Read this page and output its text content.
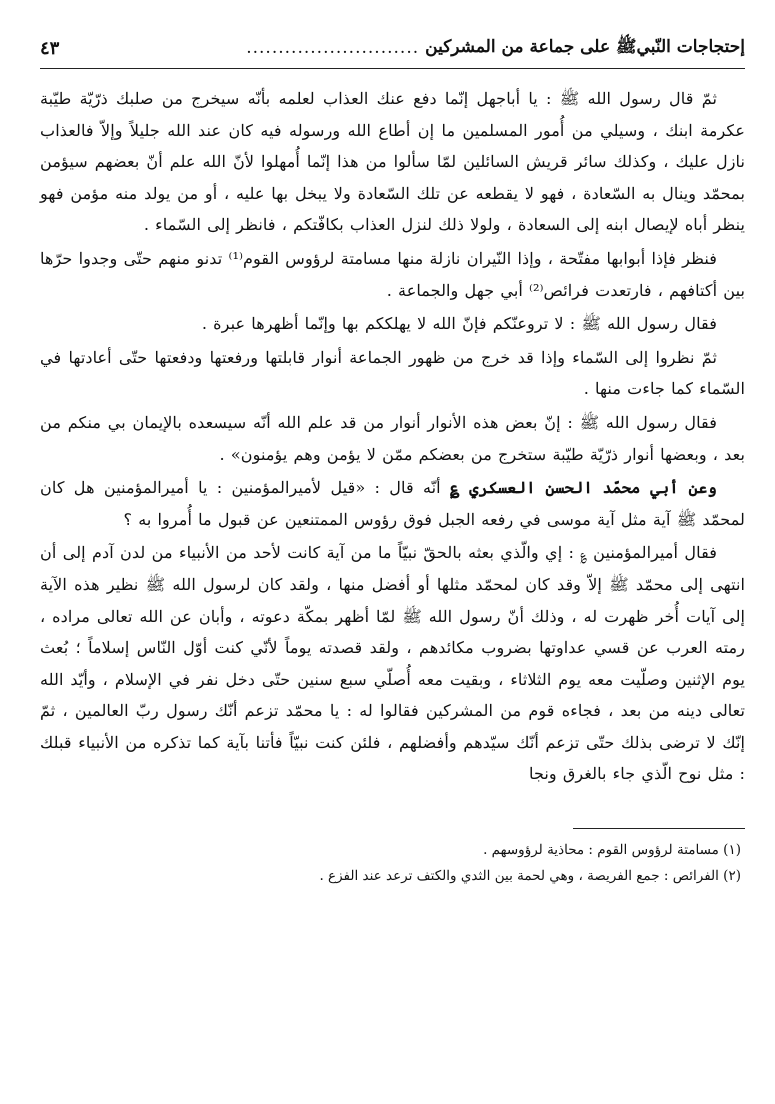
إحتجاجات النّبيﷺ على جماعة من المشركين
...........................
٤٣

ثمّ قال رسول الله ﷺ : يا أباجهل إنّما دفع عنك العذاب لعلمه بأنّه سيخرج من صلبك ذرّيّة طيّبة عكرمة ابنك ، وسيلي من أُمور المسلمين ما إن أطاع الله ورسوله فيه كان عند الله جليلاً وإلاّ فالعذاب نازل عليك ، وكذلك سائر قريش السائلين لمّا سألوا من هذا إنّما أُمهلوا لأنّ الله علم أنّ بعضهم سيؤمن بمحمّد وينال به السّعادة ، فهو لا يقطعه عن تلك السّعادة ولا يبخل بها عليه ، أو من يولد منه مؤمن فهو ينظر أباه لإيصال ابنه إلى السعادة ، ولولا ذلك لنزل العذاب بكافّتكم ، فانظر إلى السّماء .

فنظر فإذا أبوابها مفتّحة ، وإذا النّيران نازلة منها مسامتة لرؤوس القوم⁽¹⁾ تدنو منهم حتّى وجدوا حرّها بين أكتافهم ، فارتعدت فرائص⁽²⁾ أبي جهل والجماعة .

فقال رسول الله ﷺ : لا تروعنّكم فإنّ الله لا يهلككم بها وإنّما أظهرها عبرة .

ثمّ نظروا إلى السّماء وإذا قد خرج من ظهور الجماعة أنوار قابلتها ورفعتها ودفعتها حتّى أعادتها في السّماء كما جاءت منها .

فقال رسول الله ﷺ : إنّ بعض هذه الأنوار أنوار من قد علم الله أنّه سيسعده بالإيمان بي منكم من بعد ، وبعضها أنوار ذرّيّة طيّبة ستخرج من بعضكم ممّن لا يؤمن وهم يؤمنون» .

وعن أبي محمّد الحسن العسكري ؏ أنّه قال : «قيل لأميرالمؤمنين : يا أميرالمؤمنين هل كان لمحمّد ﷺ آية مثل آية موسى في رفعه الجبل فوق رؤوس الممتنعين عن قبول ما أُمروا به ؟

فقال أميرالمؤمنين ؏ : إي والّذي بعثه بالحقّ نبيّاً ما من آية كانت لأحد من الأنبياء من لدن آدم إلى أن انتهى إلى محمّد ﷺ إلاّ وقد كان لمحمّد مثلها أو أفضل منها ، ولقد كان لرسول الله ﷺ نظير هذه الآية إلى آيات أُخر ظهرت له ، وذلك أنّ رسول الله ﷺ لمّا أظهر بمكّة دعوته ، وأبان عن الله تعالى مراده ، رمته العرب عن قسي عداوتها بضروب مكائدهم ، ولقد قصدته يوماً لأنّي كنت أوّل النّاس إسلاماً ؛ بُعث يوم الإثنين وصلّيت معه يوم الثلاثاء ، وبقيت معه أُصلّي سبع سنين حتّى دخل نفر في الإسلام ، وأيّد الله تعالى دينه من بعد ، فجاءه قوم من المشركين فقالوا له : يا محمّد تزعم أنّك رسول ربّ العالمين ، ثمّ إنّك لا ترضى بذلك حتّى تزعم أنّك سيّدهم وأفضلهم ، فلئن كنت نبيّاً فأتنا بآية كما تذكره من الأنبياء قبلك : مثل نوح الّذي جاء بالغرق ونجا

(١) مسامتة لرؤوس القوم : محاذية لرؤوسهم .

(٢) الفرائص : جمع الفريصة ، وهي لحمة بين الثدي والكتف ترعد عند الفزع .
